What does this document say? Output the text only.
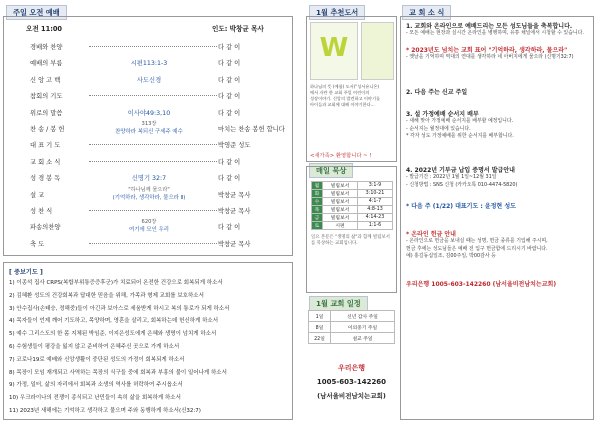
주일 오전 예배
오전 11:00	인도: 박창균 목사
경배와 찬양	다 같 이
예배의 부름	시편113:1-3	다 같 이
신 앙 고 백	사도신경	다 같 이
참회의 기도	다 같 이
위로의 말씀	이사야49:3,10	다 같 이
찬 송 / 봉 헌
313장
찬양하라 복되신 구세주 예수	마치는 찬송 봉헌 합니다
대 표 기 도	박영준 성도
교 회 소 식	다 같 이
성 경 봉 독	신명기 32:7	다 같 이
설 교
"하나님께 물으라"
(기억하라, 생각하라, 물으라 Ⅱ)	박창균 목사
성 찬 식	박창균 목사
파송의찬양
620장
여기에 모인 우리	다 같 이
축 도	박창균 목사
[ 중보기도 ]
1) 이종석 집사 CRPS(복합부위통증증후군)가 치료되어 온전한 건강으로 회복되게 하소서
2) 김혜환 성도의 건강회복과 답대한 믿음을 위해, 가족과 형제 교회를 보호하소서
3) 안수집사(손태승, 정해중)들이 아긴과 보아스로 세움받게 하시고 복의 통로가 되게 하소서
4) 목자들이 언제 깨어 기도하고, 목양하며, 영혼을 살리고, 회복하는데 헌신하게 하소서
5) 예수 그리스도의 한 몸 지체된 박임준, 이지은성도에게 은혜와 생명이 넘치게 하소서
6) 수험생들이 평강을 잃지 않고 준비하여 은혜주신 곳으로 가게 하소서
7) 코로나19로 예배와 신앙생활이 중단된 성도의 가정이 회복되게 하소서
8) 목장이 모임 재개되고 사역하는 목장의 식구들 중에 회복과 부흥의 불이 일어나게 하소서
9) 가정, 일터, 삶의 자리에서 회복과 소생의 역사를 허락하여 주시옵소서
10) 우크라이나의 전쟁이 종식되고 난민들이 속히 삶을 회복하게 하소서
11) 2023년 새해에는 기억하고 생각하고 물으며 주와 동행하게 하소서(신32:7)
1월 추천도서
W
하나님의 뜻 (예함) 도서("성서유니온)
에서 자란 한 교회 주일 어린이의
성장이야기. 신앙의 발견하고 이야기를
아이들과 교회에 대해 이야기한다...
<새가족> 환영합니다 ~ !
매일 묵상
월	빌립보서	3:1-9
화	빌립보서	3:10-21
수	빌립보서	4:1-7
목	빌립보서	4:8-13
금	빌립보서	4:14-23
토	시편	1:1-6
일요 본문은 "생명의 삶"과 함께 빌립보서를 묵상하는 교회입니다.
1월 교회 일정
1일	신년 감사 주일
8일	이의중기 주일
22일	설교 주일
우리은행
1005-603-142260
(남서울비전남치는교회)
교 회 소 식
1. 교회와 온라인으로 예배드리는 모든 성도님들을 축복합니다.
- 모든 예배는 현장과 실시간 온라인을 병행하며, 유튜 채널에서 시청할 수 있습니다.
* 2023년도 넘치는 교회 표어 "기억하라, 생각하라, 물으라"
- 옛날을 기억하며 역대의 연대를 생각하라 네 아버지에게 물으라 (신명기32:7)
2. 다음 주는 신교 주일
3. 설 가정예배 순서지 배부
- 새해 맞아 가정예배 순서지를 배부할 예정입니다.
- 순서지는 월정대에 있습니다.
* 각자 성도 가정예배를 위한 순서지를 배부합니다.
4. 2022년 기부금 납입 증명서 발급안내
- 발급기간 : 2022년 1월 1일~12월 31일
- 신청방법 : SNS 신청 (카카오톡 010-4474-5820)
* 다음 주 (1/22) 대표기도 : 윤정현 성도
* 온라인 헌금 안내
- 온라인으로 헌금을 보내실 때는 성명, 헌금 종류를 기입해 주시며,
헌금 후에는 성도님들은 예배 전 입구 헌금함에 드리시기 바랍니다.
예) 홍길동십일조, 김00주일, 박00감사 등
우리은행 1005-603-142260 (남서울비전남치는교회)
